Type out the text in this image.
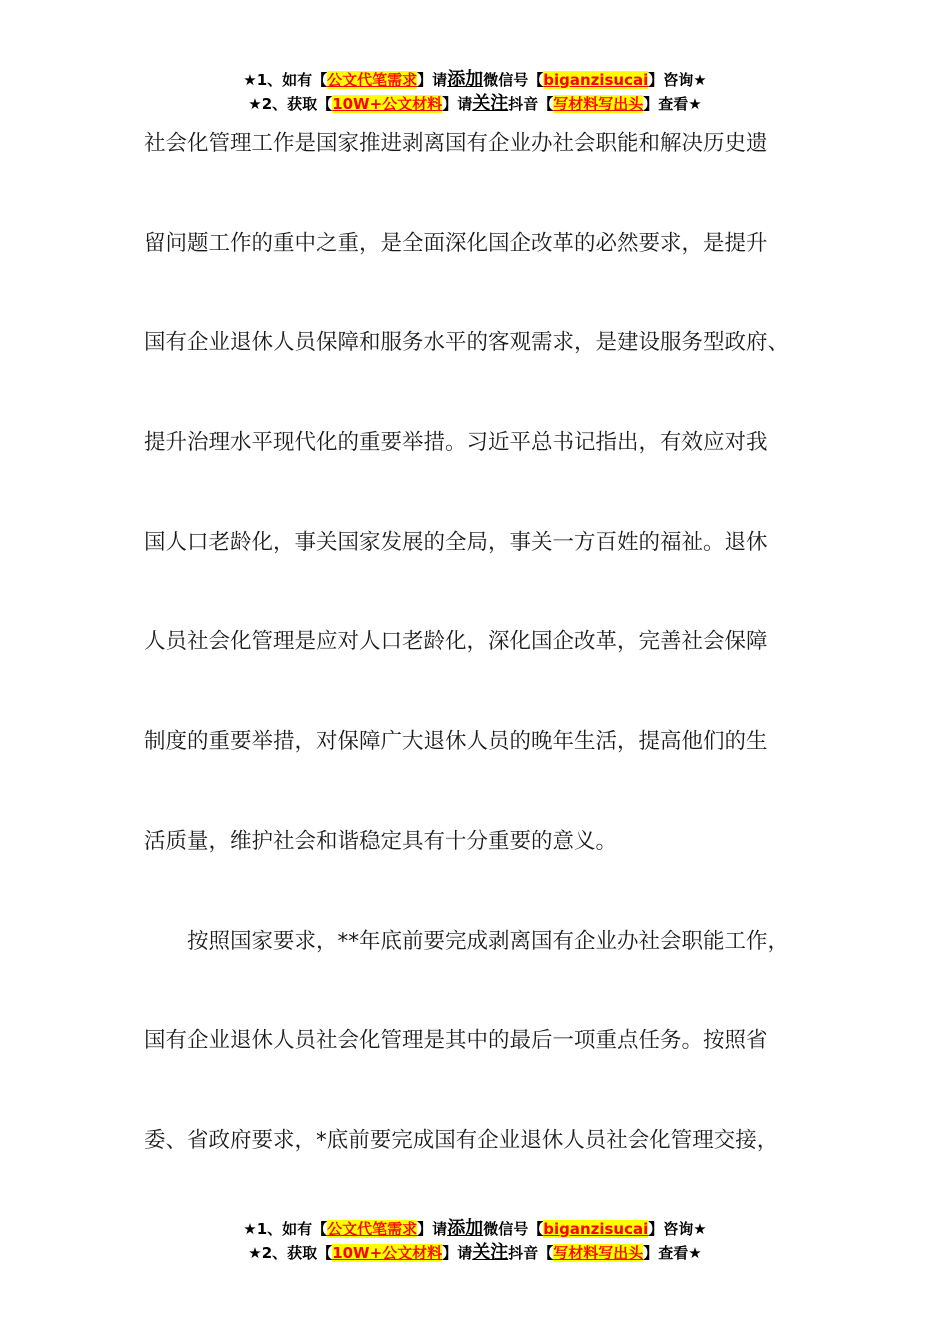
★1、如有【公文代笔需求】请添加微信号【biganzisucai】咨询★
★2、获取【10W+公文材料】请关注抖音【写材料写出头】查看★
社会化管理工作是国家推进剥离国有企业办社会职能和解决历史遗
留问题工作的重中之重，是全面深化国企改革的必然要求，是提升
国有企业退休人员保障和服务水平的客观需求，是建设服务型政府、
提升治理水平现代化的重要举措。习近平总书记指出，有效应对我
国人口老龄化，事关国家发展的全局，事关一方百姓的福祉。退休
人员社会化管理是应对人口老龄化，深化国企改革，完善社会保障
制度的重要举措，对保障广大退休人员的晚年生活，提高他们的生
活质量，维护社会和谐稳定具有十分重要的意义。
　　按照国家要求，**年底前要完成剥离国有企业办社会职能工作，
国有企业退休人员社会化管理是其中的最后一项重点任务。按照省
委、省政府要求，*底前要完成国有企业退休人员社会化管理交接，
★1、如有【公文代笔需求】请添加微信号【biganzisucai】咨询★
★2、获取【10W+公文材料】请关注抖音【写材料写出头】查看★
